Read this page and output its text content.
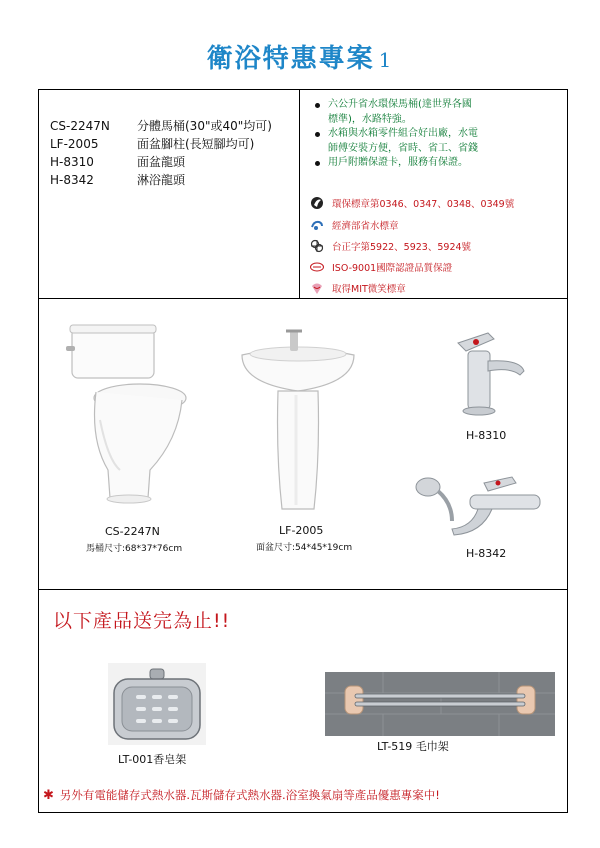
衛浴特惠專案 1
CS-2247N	分體馬桶(30"或40"均可)
LF-2005	面盆腳柱(長短腳均可)
H-8310	面盆龍頭
H-8342	淋浴龍頭
六公升省水環保馬桶(達世界各國
標準)，水路特強。
水箱與水箱零件組合好出廠，水電
師傅安裝方便，省時、省工、省錢
用戶附贈保證卡，服務有保證。
環保標章第0346、0347、0348、0349號
經濟部省水標章
台正字第5922、5923、5924號
ISO-9001國際認證品質保證
取得MIT微笑標章
CS-2247N
馬桶尺寸:68*37*76cm
LF-2005
面盆尺寸:54*45*19cm
H-8310
H-8342
以下產品送完為止!!
LT-001香皂架
LT-519 毛巾架
✱ 另外有電能儲存式熱水器.瓦斯儲存式熱水器.浴室換氣扇等產品優惠專案中!
